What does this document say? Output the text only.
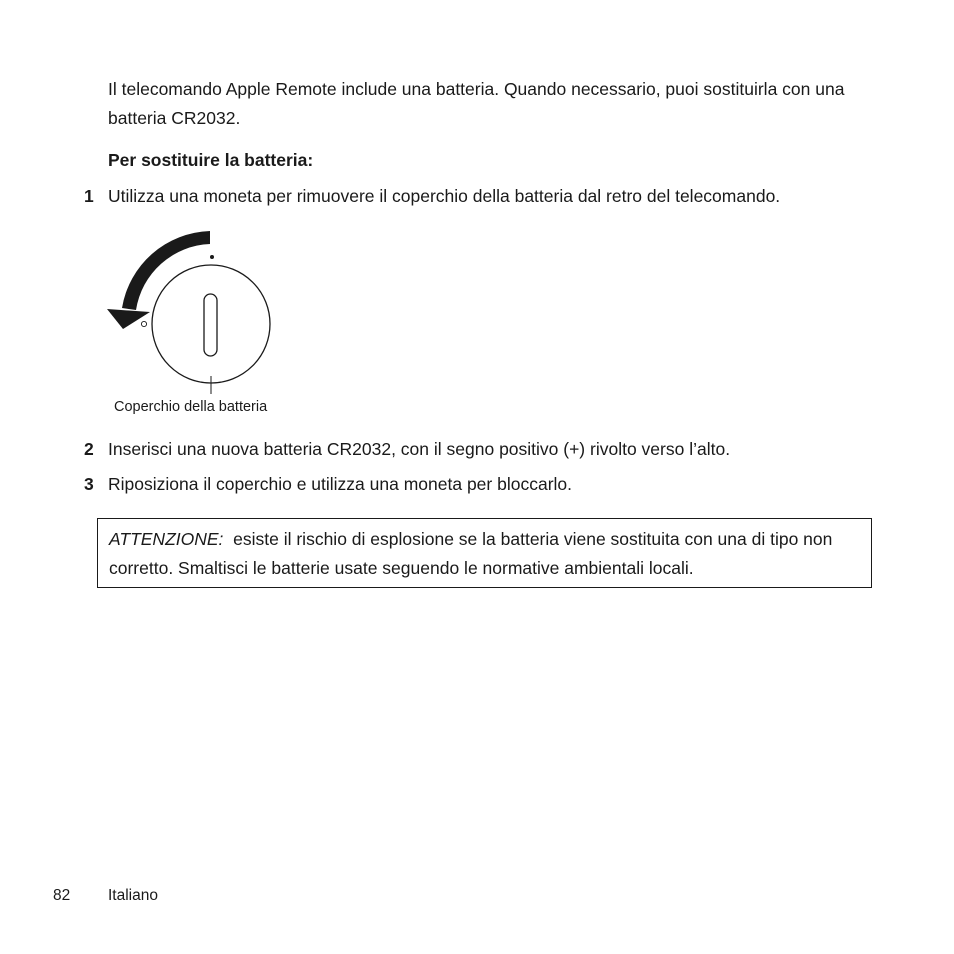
Il telecomando Apple Remote include una batteria. Quando necessario, puoi sostituirla con una batteria CR2032.
Per sostituire la batteria:
1 Utilizza una moneta per rimuovere il coperchio della batteria dal retro del telecomando.
Coperchio della batteria
2 Inserisci una nuova batteria CR2032, con il segno positivo (+) rivolto verso l’alto.
3 Riposiziona il coperchio e utilizza una moneta per bloccarlo.
ATTENZIONE: esiste il rischio di esplosione se la batteria viene sostituita con una di tipo non corretto. Smaltisci le batterie usate seguendo le normative ambientali locali.
82 Italiano
